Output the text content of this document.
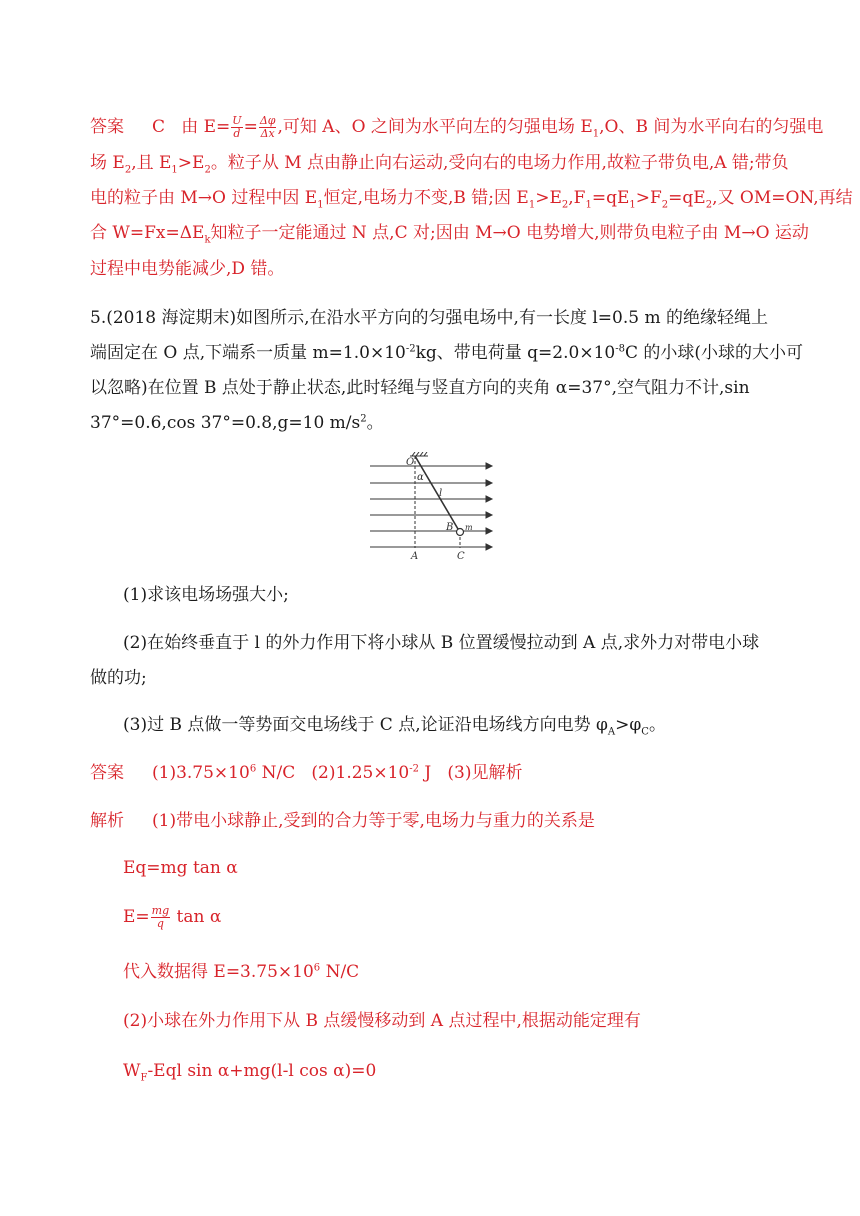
答案 C 由 $E= \frac{U}{d} = \frac{\Delta\varphi}{\Delta x}$ ,可知 A、O 之间为水平向左的匀强电场 $E_1,O$、B 间为水平向右的匀强电
场 $E_2$,且 $E_1>E_2$。粒子从 M 点由静止向右运动,受向右的电场力作用,故粒子带负电,A 错;带负
电的粒子由 M→O 过程中因 $E_1$恒定,电场力不变,B 错;因 $E_1>E_2,F_1=qE_1>F_2=qE_2$,又 OM=ON,再结
合 $W=Fx=\Delta E_k$知粒子一定能通过 N 点,C 对;因由 M→O 电势增大,则带负电粒子由 M→O 运动
过程中电势能减少,D 错。
5.(2018 海淀期末)如图所示,在沿水平方向的匀强电场中,有一长度 l=0.5 m 的绝缘轻绳上
端固定在 O 点,下端系一质量 $m=1.0\times 10^{-2}kg$、带电荷量 $q=2.0\times 10^{-8}C$ 的小球(小球的大小可
以忽略)在位置 B 点处于静止状态,此时轻绳与竖直方向的夹角 α=37°,空气阻力不计,sin
37°=0.6,cos 37°=0.8,g=10 $m/s^2$。
O
α
l
B m
A	C
(1)求该电场场强大小;
(2)在始终垂直于 l 的外力作用下将小球从 B 位置缓慢拉动到 A 点,求外力对带电小球
做的功;
(3)过 B 点做一等势面交电场线于 C 点,论证沿电场线方向电势 $\varphi_A>\varphi_C$。
答案 $(1)3.75\times 10^6$ N/C $(2)1.25\times 10^{-2}$ J (3)见解析
解析 (1)带电小球静止,受到的合力等于零,电场力与重力的关系是
Eq=mg tan α
$E= \frac{mg}{q}$ tan α
代入数据得 $E=3.75\times 10^6$ N/C
(2)小球在外力作用下从 B 点缓慢移动到 A 点过程中,根据动能定理有
$W_F$-Eql sin α+mg(l-l cos α)=0
